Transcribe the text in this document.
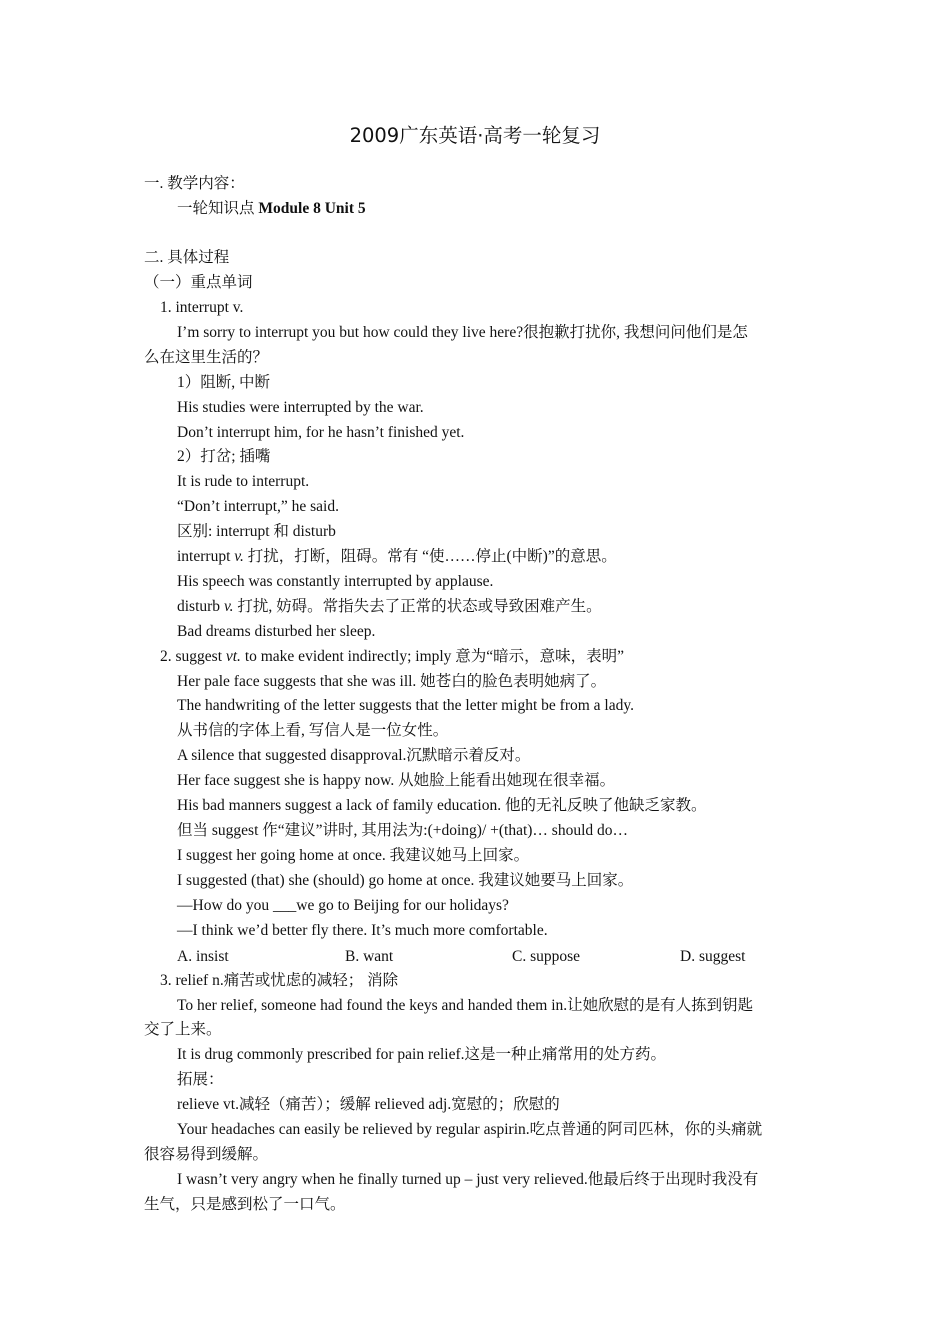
2009广东英语·高考一轮复习
一. 教学内容：
一轮知识点 Module 8 Unit 5
二. 具体过程
（一）重点单词
1. interrupt v.
I’m sorry to interrupt you but how could they live here?很抱歉打扰你, 我想问问他们是怎
么在这里生活的？
1）阻断, 中断
His studies were interrupted by the war.
Don’t interrupt him, for he hasn’t finished yet.
2）打岔; 插嘴
It is rude to interrupt.
“Don’t interrupt,” he said.
区别: interrupt 和 disturb
interrupt v. 打扰，打断，阻碍。常有 “使……停止(中断)”的意思。
His speech was constantly interrupted by applause.
disturb v. 打扰, 妨碍。常指失去了正常的状态或导致困难产生。
Bad dreams disturbed her sleep.
2. suggest vt. to make evident indirectly; imply 意为“暗示，意味，表明”
Her pale face suggests that she was ill. 她苍白的脸色表明她病了。
The handwriting of the letter suggests that the letter might be from a lady.
从书信的字体上看, 写信人是一位女性。
A silence that suggested disapproval.沉默暗示着反对。
Her face suggest she is happy now. 从她脸上能看出她现在很幸福。
His bad manners suggest a lack of family education. 他的无礼反映了他缺乏家教。
但当 suggest 作“建议”讲时, 其用法为:(+doing)/ +(that)… should do…
I suggest her going home at once. 我建议她马上回家。
I suggested (that) she (should) go home at once. 我建议她要马上回家。
—How do you ___we go to Beijing for our holidays?
—I think we’d better fly there. It’s much more comfortable.
A. insist	B. want	C. suppose	D. suggest
3. relief n.痛苦或忧虑的减轻； 消除
To her relief, someone had found the keys and handed them in.让她欣慰的是有人拣到钥匙
交了上来。
It is drug commonly prescribed for pain relief.这是一种止痛常用的处方药。
拓展：
relieve vt.减轻（痛苦）；缓解 relieved adj.宽慰的；欣慰的
Your headaches can easily be relieved by regular aspirin.吃点普通的阿司匹林，你的头痛就
很容易得到缓解。
I wasn’t very angry when he finally turned up – just very relieved.他最后终于出现时我没有
生气，只是感到松了一口气。
